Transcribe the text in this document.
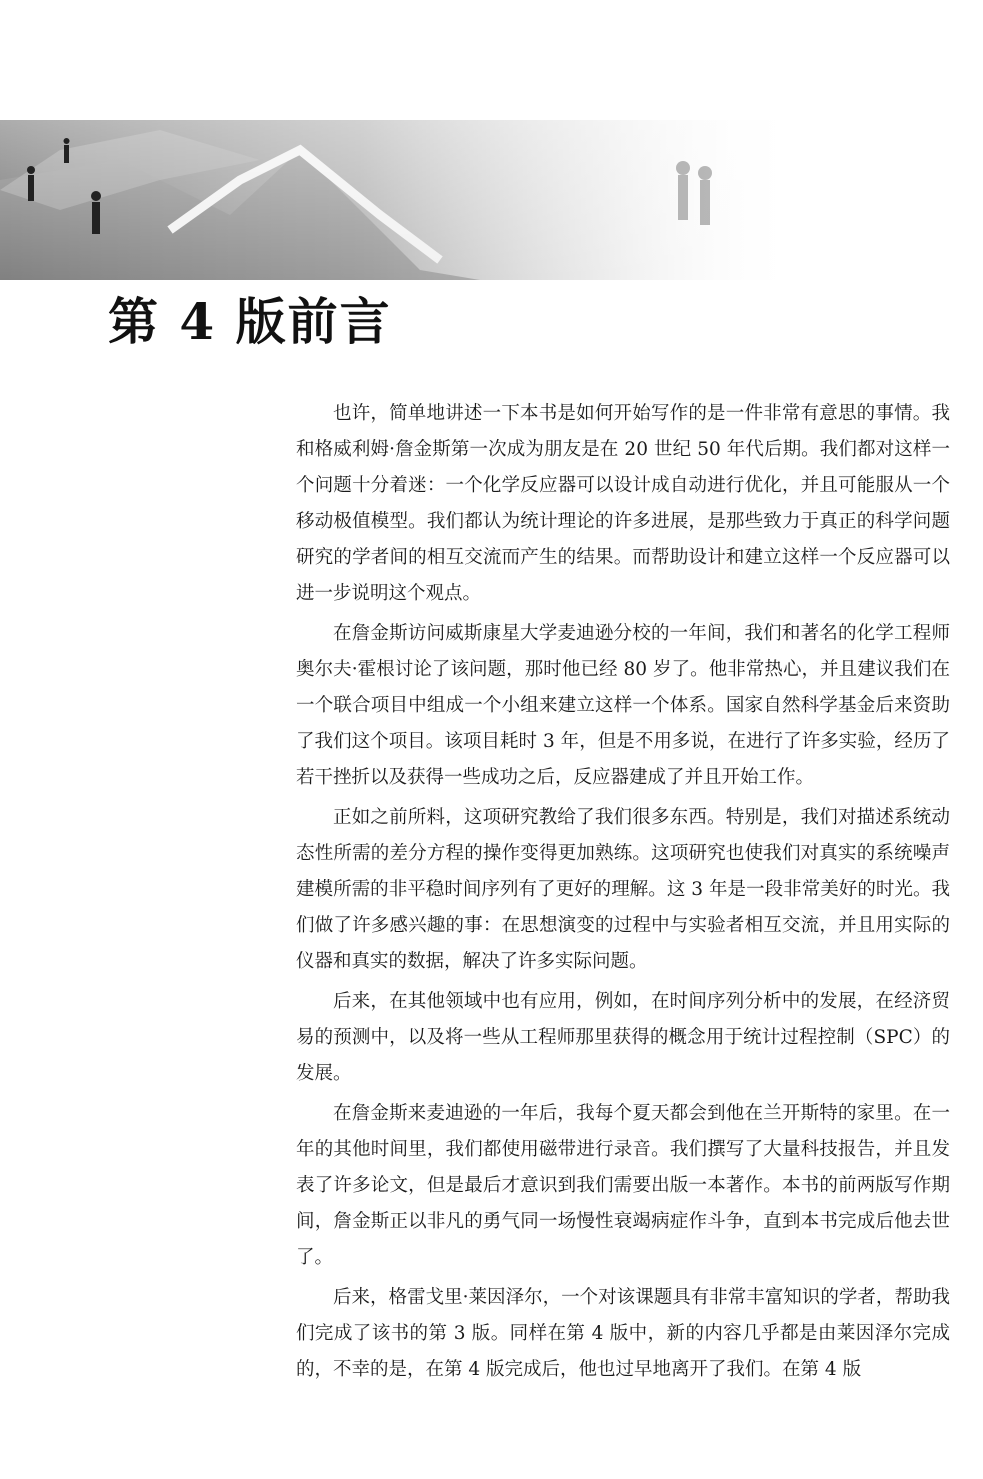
第 4 版前言

也许，简单地讲述一下本书是如何开始写作的是一件非常有意思的事情。我和格威利姆·詹金斯第一次成为朋友是在 20 世纪 50 年代后期。我们都对这样一个问题十分着迷：一个化学反应器可以设计成自动进行优化，并且可能服从一个移动极值模型。我们都认为统计理论的许多进展，是那些致力于真正的科学问题研究的学者间的相互交流而产生的结果。而帮助设计和建立这样一个反应器可以进一步说明这个观点。

在詹金斯访问威斯康星大学麦迪逊分校的一年间，我们和著名的化学工程师奥尔夫·霍根讨论了该问题，那时他已经 80 岁了。他非常热心，并且建议我们在一个联合项目中组成一个小组来建立这样一个体系。国家自然科学基金后来资助了我们这个项目。该项目耗时 3 年，但是不用多说，在进行了许多实验，经历了若干挫折以及获得一些成功之后，反应器建成了并且开始工作。

正如之前所料，这项研究教给了我们很多东西。特别是，我们对描述系统动态性所需的差分方程的操作变得更加熟练。这项研究也使我们对真实的系统噪声建模所需的非平稳时间序列有了更好的理解。这 3 年是一段非常美好的时光。我们做了许多感兴趣的事：在思想演变的过程中与实验者相互交流，并且用实际的仪器和真实的数据，解决了许多实际问题。

后来，在其他领域中也有应用，例如，在时间序列分析中的发展，在经济贸易的预测中，以及将一些从工程师那里获得的概念用于统计过程控制（SPC）的发展。

在詹金斯来麦迪逊的一年后，我每个夏天都会到他在兰开斯特的家里。在一年的其他时间里，我们都使用磁带进行录音。我们撰写了大量科技报告，并且发表了许多论文，但是最后才意识到我们需要出版一本著作。本书的前两版写作期间，詹金斯正以非凡的勇气同一场慢性衰竭病症作斗争，直到本书完成后他去世了。

后来，格雷戈里·莱因泽尔，一个对该课题具有非常丰富知识的学者，帮助我们完成了该书的第 3 版。同样在第 4 版中，新的内容几乎都是由莱因泽尔完成的，不幸的是，在第 4 版完成后，他也过早地离开了我们。在第 4 版
